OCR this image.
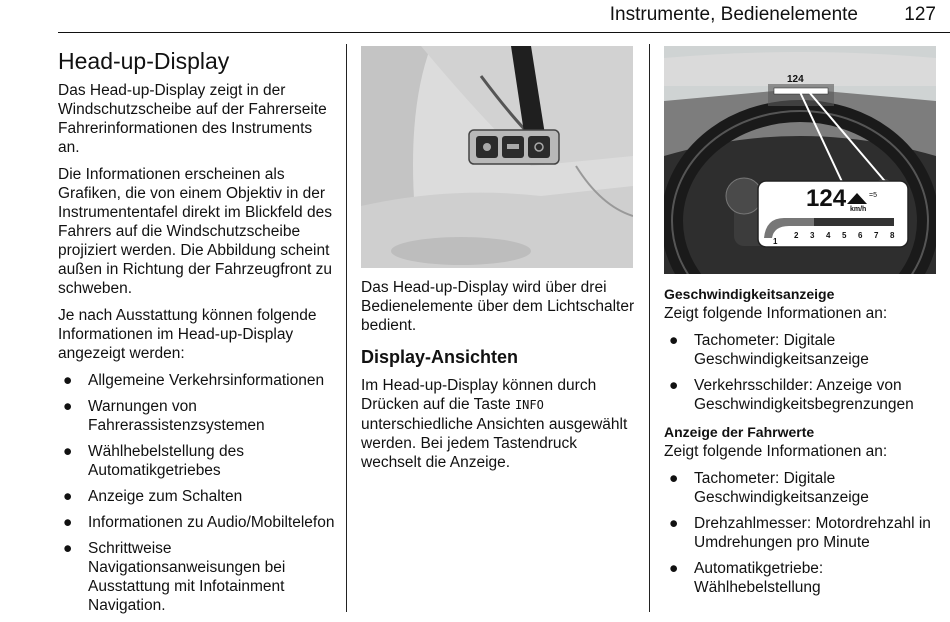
Instrumente, Bedienelemente 127
Head-up-Display

Das Head-up-Display zeigt in der Windschutzscheibe auf der Fahrerseite Fahrerinformationen des Instruments an.

Die Informationen erscheinen als Grafiken, die von einem Objektiv in der Instrumententafel direkt im Blickfeld des Fahrers auf die Windschutzscheibe projiziert werden. Die Abbildung scheint außen in Richtung der Fahrzeugfront zu schweben.

Je nach Ausstattung können folgende Informationen im Head-up-Display angezeigt werden:

● Allgemeine Verkehrsinformationen
● Warnungen von Fahrerassistenzsystemen
● Wählhebelstellung des Automatikgetriebes
● Anzeige zum Schalten
● Informationen zu Audio/Mobiltelefon
● Schrittweise Navigationsanweisungen bei Ausstattung mit Infotainment Navigation.

Das Head-up-Display wird über drei Bedienelemente über dem Lichtschalter bedient.

Display-Ansichten

Im Head-up-Display können durch Drücken auf die Taste INFO unterschiedliche Ansichten ausgewählt werden. Bei jedem Tastendruck wechselt die Anzeige.

124
124	=5
km/h
1
2 3 4 5 6 7 8
Geschwindigkeitsanzeige

Zeigt folgende Informationen an:

● Tachometer: Digitale Geschwindigkeitsanzeige
● Verkehrsschilder: Anzeige von Geschwindigkeitsbegrenzungen
Anzeige der Fahrwerte

Zeigt folgende Informationen an:

● Tachometer: Digitale Geschwindigkeitsanzeige
● Drehzahlmesser: Motordrehzahl in Umdrehungen pro Minute
● Automatikgetriebe: Wählhebelstellung
